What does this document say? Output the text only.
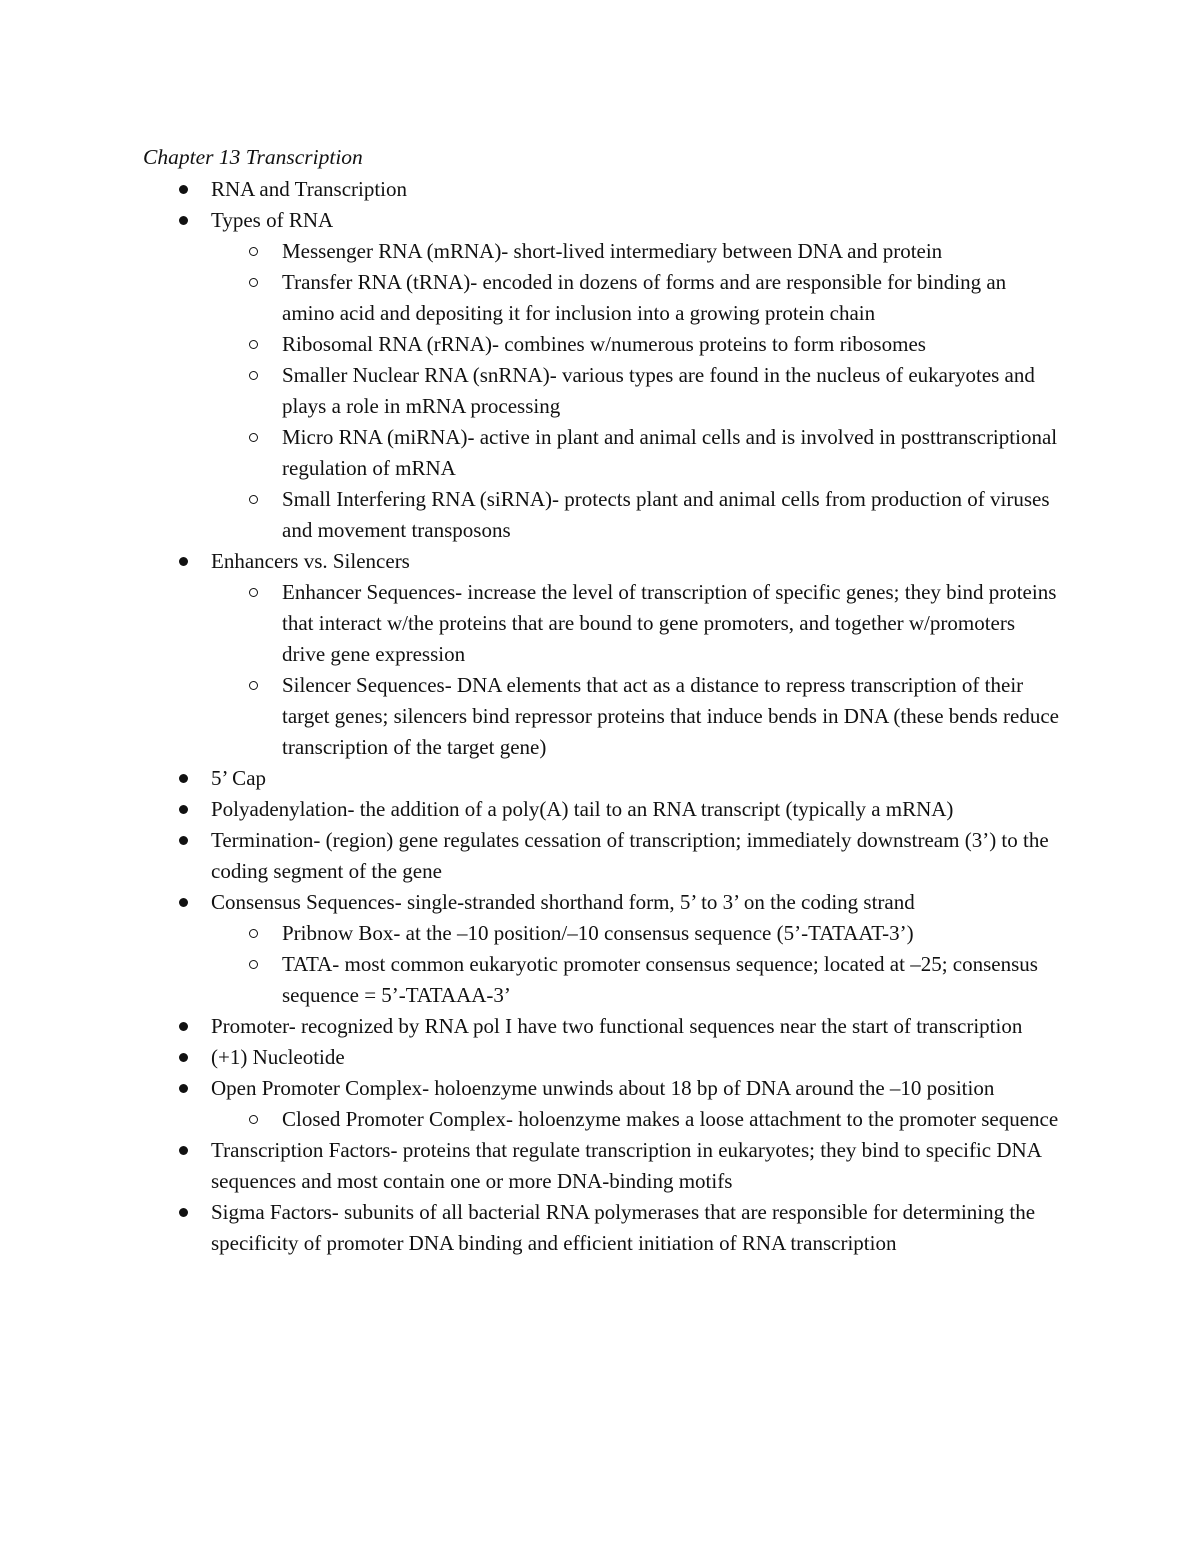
Chapter 13 Transcription
RNA and Transcription
Types of RNA
Messenger RNA (mRNA)- short-lived intermediary between DNA and protein
Transfer RNA (tRNA)- encoded in dozens of forms and are responsible for binding an amino acid and depositing it for inclusion into a growing protein chain
Ribosomal RNA (rRNA)- combines w/numerous proteins to form ribosomes
Smaller Nuclear RNA (snRNA)- various types are found in the nucleus of eukaryotes and plays a role in mRNA processing
Micro RNA (miRNA)- active in plant and animal cells and is involved in posttranscriptional regulation of mRNA
Small Interfering RNA (siRNA)- protects plant and animal cells from production of viruses and movement transposons
Enhancers vs. Silencers
Enhancer Sequences- increase the level of transcription of specific genes; they bind proteins that interact w/the proteins that are bound to gene promoters, and together w/promoters drive gene expression
Silencer Sequences- DNA elements that act as a distance to repress transcription of their target genes; silencers bind repressor proteins that induce bends in DNA (these bends reduce transcription of the target gene)
5’ Cap
Polyadenylation- the addition of a poly(A) tail to an RNA transcript (typically a mRNA)
Termination- (region) gene regulates cessation of transcription; immediately downstream (3’) to the coding segment of the gene
Consensus Sequences- single-stranded shorthand form, 5’ to 3’ on the coding strand
Pribnow Box- at the –10 position/–10 consensus sequence (5’-TATAAT-3’)
TATA- most common eukaryotic promoter consensus sequence; located at –25; consensus sequence = 5’-TATAAA-3’
Promoter- recognized by RNA pol I have two functional sequences near the start of transcription
(+1) Nucleotide
Open Promoter Complex- holoenzyme unwinds about 18 bp of DNA around the –10 position
Closed Promoter Complex- holoenzyme makes a loose attachment to the promoter sequence
Transcription Factors- proteins that regulate transcription in eukaryotes; they bind to specific DNA sequences and most contain one or more DNA-binding motifs
Sigma Factors- subunits of all bacterial RNA polymerases that are responsible for determining the specificity of promoter DNA binding and efficient initiation of RNA transcription
